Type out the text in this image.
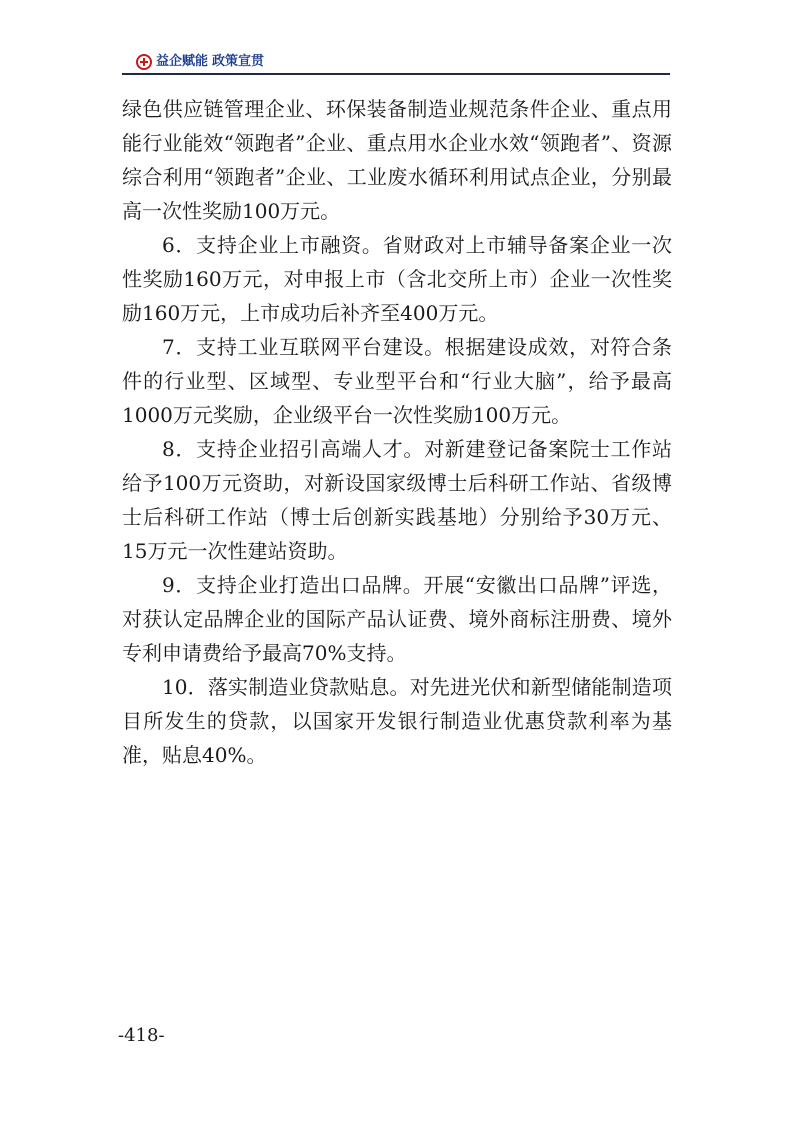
益企赋能 政策宣贯

绿色供应链管理企业、环保装备制造业规范条件企业、重点用能行业能效“领跑者”企业、重点用水企业水效“领跑者”、资源综合利用“领跑者”企业、工业废水循环利用试点企业，分别最高一次性奖励100万元。

6．支持企业上市融资。省财政对上市辅导备案企业一次性奖励160万元，对申报上市（含北交所上市）企业一次性奖励160万元，上市成功后补齐至400万元。

7．支持工业互联网平台建设。根据建设成效，对符合条件的行业型、区域型、专业型平台和“行业大脑”，给予最高1000万元奖励，企业级平台一次性奖励100万元。

8．支持企业招引高端人才。对新建登记备案院士工作站给予100万元资助，对新设国家级博士后科研工作站、省级博士后科研工作站（博士后创新实践基地）分别给予30万元、15万元一次性建站资助。

9．支持企业打造出口品牌。开展“安徽出口品牌”评选，对获认定品牌企业的国际产品认证费、境外商标注册费、境外专利申请费给予最高70%支持。

10．落实制造业贷款贴息。对先进光伏和新型储能制造项目所发生的贷款，以国家开发银行制造业优惠贷款利率为基准，贴息40%。

-418-
